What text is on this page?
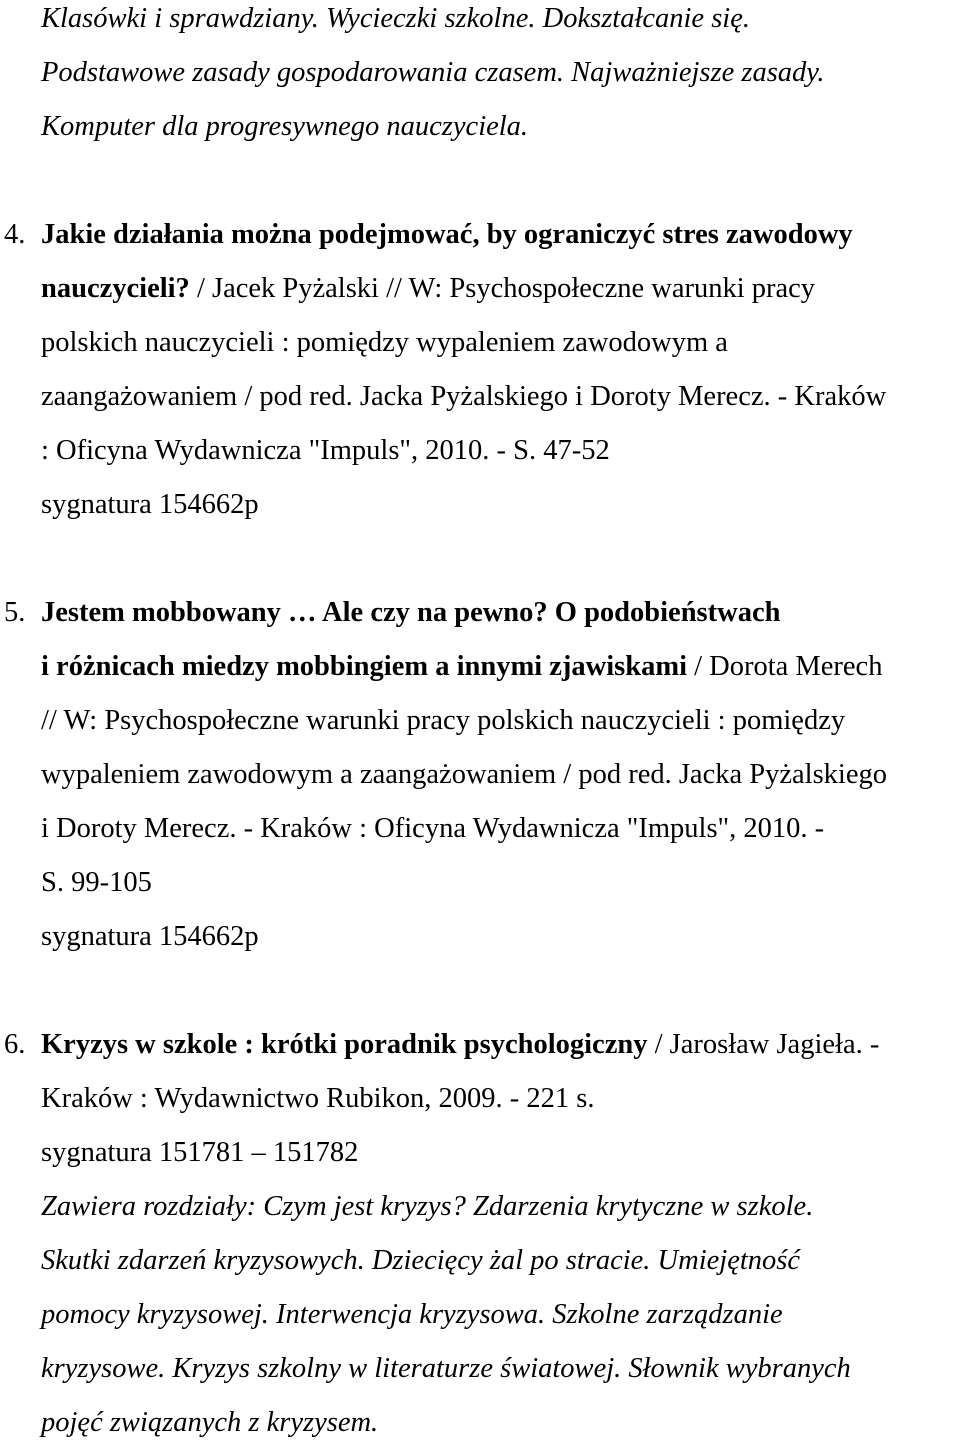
Klasówki i sprawdziany. Wycieczki szkolne. Dokształcanie się.
Podstawowe zasady gospodarowania czasem. Najważniejsze zasady.
Komputer dla progresywnego nauczyciela.
4. Jakie działania można podejmować, by ograniczyć stres zawodowy
nauczycieli? / Jacek Pyżalski // W: Psychospołeczne warunki pracy
polskich nauczycieli : pomiędzy wypaleniem zawodowym a
zaangażowaniem / pod red. Jacka Pyżalskiego i Doroty Merecz. - Kraków
: Oficyna Wydawnicza "Impuls", 2010. - S. 47-52
sygnatura 154662p
5. Jestem mobbowany … Ale czy na pewno? O podobieństwach
i różnicach miedzy mobbingiem a innymi zjawiskami / Dorota Merech
// W: Psychospołeczne warunki pracy polskich nauczycieli : pomiędzy
wypaleniem zawodowym a zaangażowaniem / pod red. Jacka Pyżalskiego
i Doroty Merecz. - Kraków : Oficyna Wydawnicza "Impuls", 2010. -
S. 99-105
sygnatura 154662p
6. Kryzys w szkole : krótki poradnik psychologiczny / Jarosław Jagieła. -
Kraków : Wydawnictwo Rubikon, 2009. - 221 s.
sygnatura 151781 – 151782
Zawiera rozdziały: Czym jest kryzys? Zdarzenia krytyczne w szkole.
Skutki zdarzeń kryzysowych. Dziecięcy żal po stracie. Umiejętność
pomocy kryzysowej. Interwencja kryzysowa. Szkolne zarządzanie
kryzysowe. Kryzys szkolny w literaturze światowej. Słownik wybranych
pojęć związanych z kryzysem.
